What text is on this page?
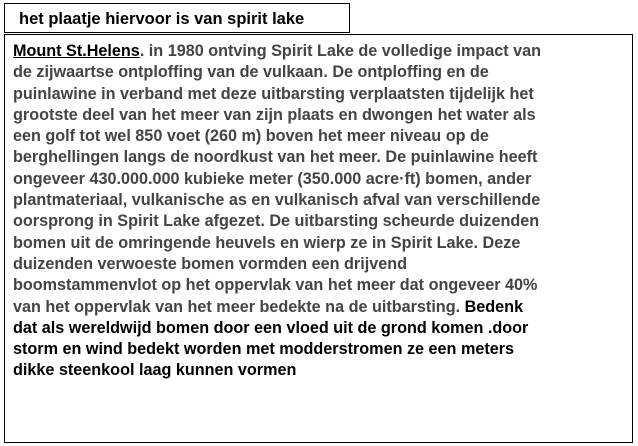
het plaatje hiervoor is van spirit lake
Mount St.Helens. in 1980 ontving Spirit Lake de volledige impact van
de zijwaartse ontploffing van de vulkaan. De ontploffing en de
puinlawine in verband met deze uitbarsting verplaatsten tijdelijk het
grootste deel van het meer van zijn plaats en dwongen het water als
een golf tot wel 850 voet (260 m) boven het meer niveau op de
berghellingen langs de noordkust van het meer. De puinlawine heeft
ongeveer 430.000.000 kubieke meter (350.000 acre·ft) bomen, ander
plantmateriaal, vulkanische as en vulkanisch afval van verschillende
oorsprong in Spirit Lake afgezet. De uitbarsting scheurde duizenden
bomen uit de omringende heuvels en wierp ze in Spirit Lake. Deze
duizenden verwoeste bomen vormden een drijvend
boomstammenvlot op het oppervlak van het meer dat ongeveer 40%
van het oppervlak van het meer bedekte na de uitbarsting. Bedenk
dat als wereldwijd bomen door een vloed uit de grond komen .door
storm en wind bedekt worden met modderstromen ze een meters
dikke steenkool laag kunnen vormen
